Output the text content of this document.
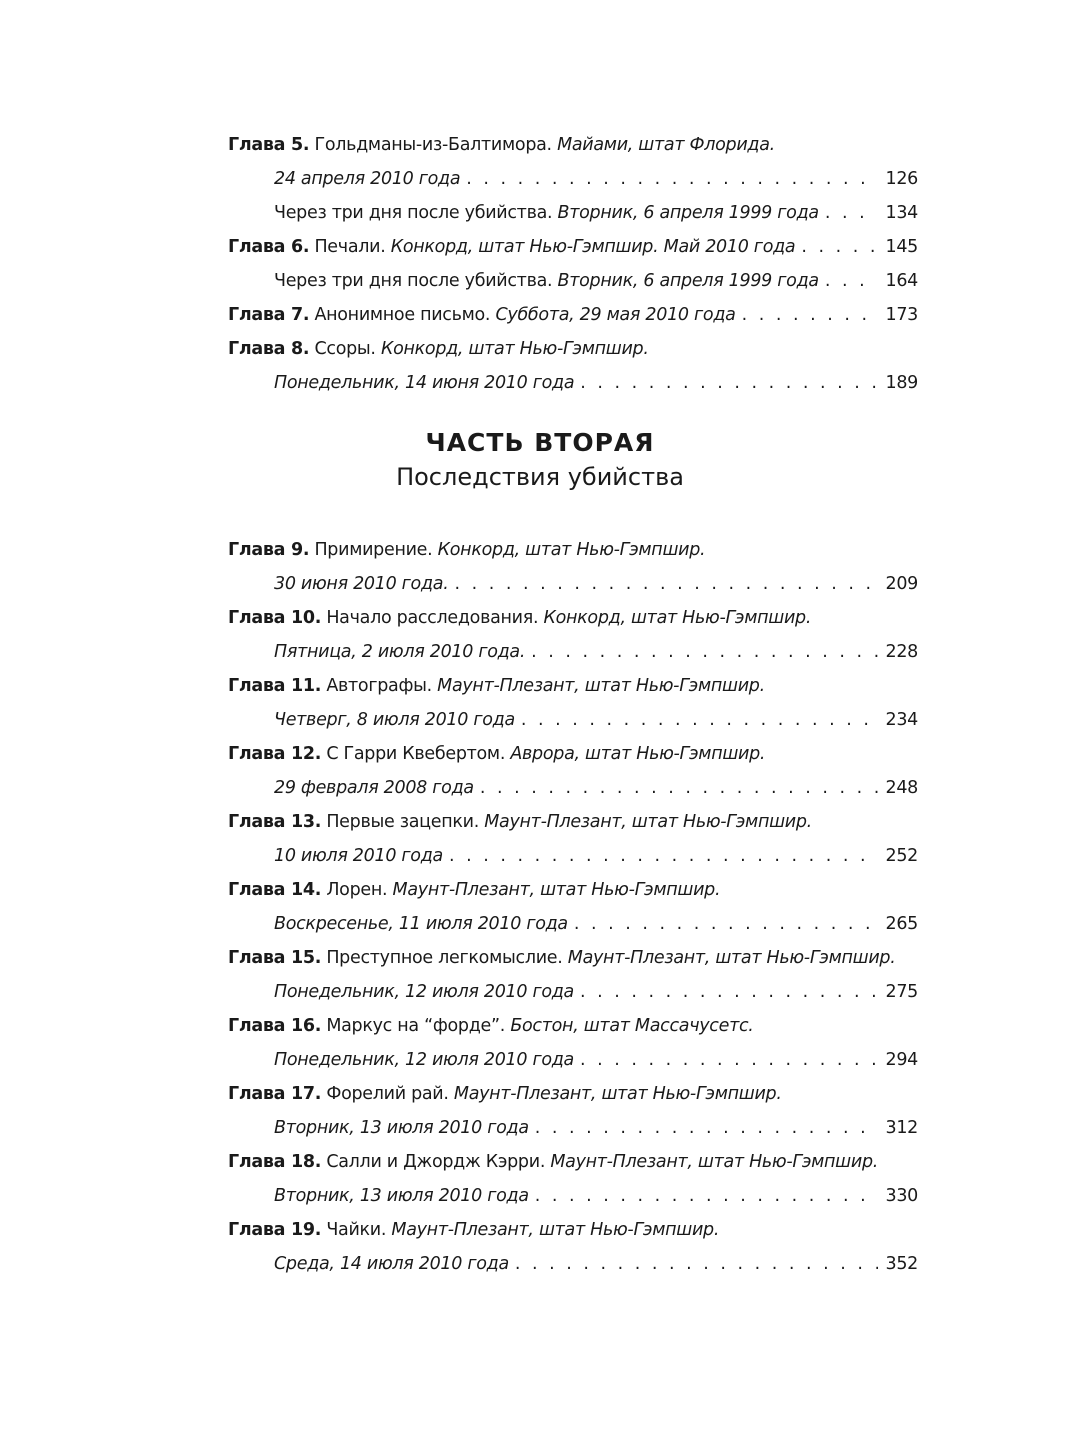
Глава 5. Гольдманы-из-Балтимора. Майами, штат Флорида.
24 апреля 2010 года . . .	126
Через три дня после убийства. Вторник, 6 апреля 1999 года . . .	134
Глава 6. Печали. Конкорд, штат Нью-Гэмпшир. Май 2010 года . . .	145
Через три дня после убийства. Вторник, 6 апреля 1999 года . . .	164
Глава 7. Анонимное письмо. Суббота, 29 мая 2010 года . . .	173
Глава 8. Ссоры. Конкорд, штат Нью-Гэмпшир.
Понедельник, 14 июня 2010 года . . .	189
ЧАСТЬ ВТОРАЯ
Последствия убийства
Глава 9. Примирение. Конкорд, штат Нью-Гэмпшир.
30 июня 2010 года. . . .	209
Глава 10. Начало расследования. Конкорд, штат Нью-Гэмпшир.
Пятница, 2 июля 2010 года. . . .	228
Глава 11. Автографы. Маунт-Плезант, штат Нью-Гэмпшир.
Четверг, 8 июля 2010 года . . .	234
Глава 12. С Гарри Квебертом. Аврора, штат Нью-Гэмпшир.
29 февраля 2008 года . . .	248
Глава 13. Первые зацепки. Маунт-Плезант, штат Нью-Гэмпшир.
10 июля 2010 года . . .	252
Глава 14. Лорен. Маунт-Плезант, штат Нью-Гэмпшир.
Воскресенье, 11 июля 2010 года . . .	265
Глава 15. Преступное легкомыслие. Маунт-Плезант, штат Нью-Гэмпшир.
Понедельник, 12 июля 2010 года . . .	275
Глава 16. Маркус на “форде”. Бостон, штат Массачусетс.
Понедельник, 12 июля 2010 года . . .	294
Глава 17. Форелий рай. Маунт-Плезант, штат Нью-Гэмпшир.
Вторник, 13 июля 2010 года . . .	312
Глава 18. Салли и Джордж Кэрри. Маунт-Плезант, штат Нью-Гэмпшир.
Вторник, 13 июля 2010 года . . .	330
Глава 19. Чайки. Маунт-Плезант, штат Нью-Гэмпшир.
Среда, 14 июля 2010 года . . .	352
